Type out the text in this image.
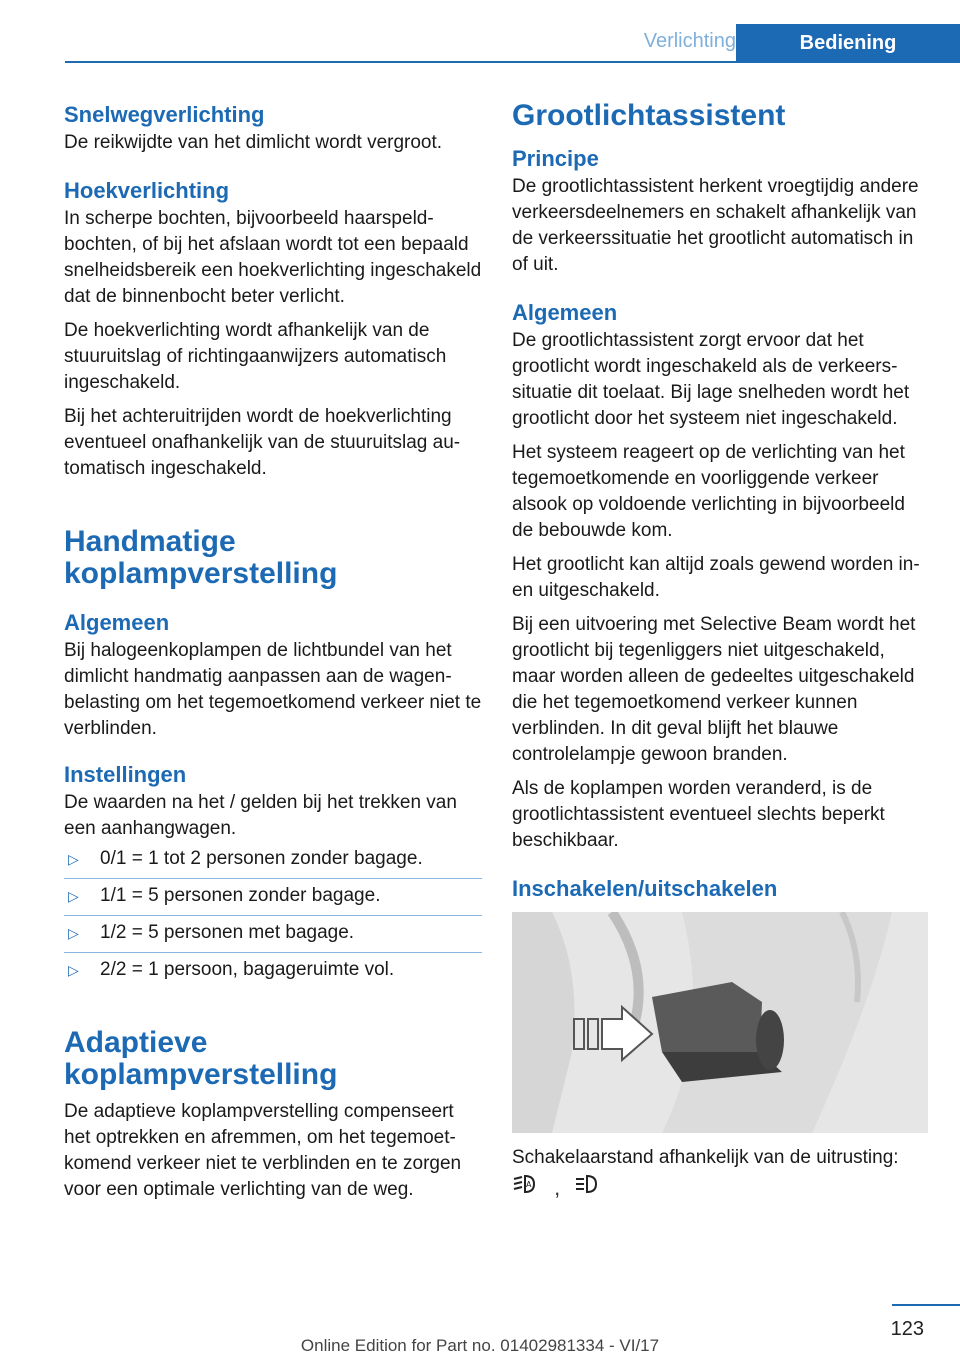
Verlichting	Bediening
Snelwegverlichting

De reikwijdte van het dimlicht wordt vergroot.

Hoekverlichting

In scherpe bochten, bijvoorbeeld haarspeldbochten, of bij het afslaan wordt tot een bepaald snelheidsbereik een hoekverlichting ingeschakeld dat de binnenbocht beter verlicht.

De hoekverlichting wordt afhankelijk van de stuuruitslag of richtingaanwijzers automatisch ingeschakeld.

Bij het achteruitrijden wordt de hoekverlichting eventueel onafhankelijk van de stuuruitslag automatisch ingeschakeld.

Handmatige
koplampverstelling
Algemeen

Bij halogeenkoplampen de lichtbundel van het dimlicht handmatig aanpassen aan de wagenbelasting om het tegemoetkomend verkeer niet te verblinden.

Instellingen

De waarden na het / gelden bij het trekken van een aanhangwagen.

▷ 0/1 = 1 tot 2 personen zonder bagage.
▷ 1/1 = 5 personen zonder bagage.
▷ 1/2 = 5 personen met bagage.
▷ 2/2 = 1 persoon, bagageruimte vol.
Adaptieve
koplampverstelling

De adaptieve koplampverstelling compenseert het optrekken en afremmen, om het tegemoetkomend verkeer niet te verblinden en te zorgen voor een optimale verlichting van de weg.

Grootlichtassistent
Principe

De grootlichtassistent herkent vroegtijdig andere verkeersdeelnemers en schakelt afhankelijk van de verkeerssituatie het grootlicht automatisch in of uit.

Algemeen

De grootlichtassistent zorgt ervoor dat het grootlicht wordt ingeschakeld als de verkeerssituatie dit toelaat. Bij lage snelheden wordt het grootlicht door het systeem niet ingeschakeld.

Het systeem reageert op de verlichting van het tegemoetkomende en voorliggende verkeer alsook op voldoende verlichting in bijvoorbeeld de bebouwde kom.

Het grootlicht kan altijd zoals gewend worden in- en uitgeschakeld.

Bij een uitvoering met Selective Beam wordt het grootlicht bij tegenliggers niet uitgeschakeld, maar worden alleen de gedeeltes uitgeschakeld die het tegemoetkomend verkeer kunnen verblinden. In dit geval blijft het blauwe controlelampje gewoon branden.

Als de koplampen worden veranderd, is de grootlichtassistent eventueel slechts beperkt beschikbaar.

Inschakelen/uitschakelen

Schakelaarstand afhankelijk van de uitrusting:

A ,
123
Online Edition for Part no. 01402981334 - VI/17
